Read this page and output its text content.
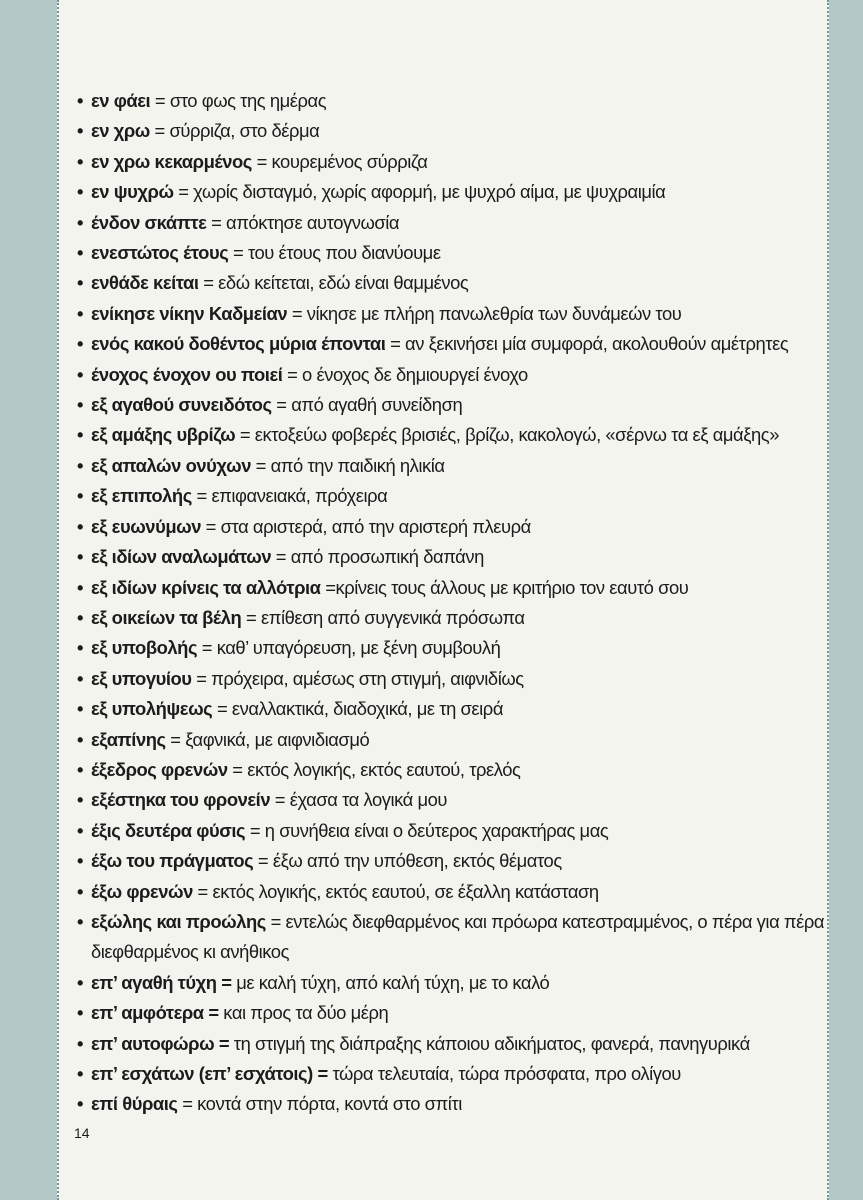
• εν φάει = στο φως της ημέρας
• εν χρω = σύρριζα, στο δέρμα
• εν χρω κεκαρμένος = κουρεμένος σύρριζα
• εν ψυχρώ = χωρίς δισταγμό, χωρίς αφορμή, με ψυχρό αίμα, με ψυχραιμία
• ένδον σκάπτε = απόκτησε αυτογνωσία
• ενεστώτος έτους = του έτους που διανύουμε
• ενθάδε κείται = εδώ κείτεται, εδώ είναι θαμμένος
• ενίκησε νίκην Καδμείαν = νίκησε με πλήρη πανωλεθρία των δυνάμεών του
• ενός κακού δοθέντος μύρια έπονται = αν ξεκινήσει μία συμφορά, ακολουθούν αμέτρητες
• ένοχος ένοχον ου ποιεί = ο ένοχος δε δημιουργεί ένοχο
• εξ αγαθού συνειδότος = από αγαθή συνείδηση
• εξ αμάξης υβρίζω = εκτοξεύω φοβερές βρισιές, βρίζω, κακολογώ, «σέρνω τα εξ αμάξης»
• εξ απαλών ονύχων = από την παιδική ηλικία
• εξ επιπολής = επιφανειακά, πρόχειρα
• εξ ευωνύμων = στα αριστερά, από την αριστερή πλευρά
• εξ ιδίων αναλωμάτων = από προσωπική δαπάνη
• εξ ιδίων κρίνεις τα αλλότρια =κρίνεις τους άλλους με κριτήριο τον εαυτό σου
• εξ οικείων τα βέλη = επίθεση από συγγενικά πρόσωπα
• εξ υποβολής = καθ’ υπαγόρευση, με ξένη συμβουλή
• εξ υπογυίου = πρόχειρα, αμέσως στη στιγμή, αιφνιδίως
• εξ υπολήψεως = εναλλακτικά, διαδοχικά, με τη σειρά
• εξαπίνης = ξαφνικά, με αιφνιδιασμό
• έξεδρος φρενών = εκτός λογικής, εκτός εαυτού, τρελός
• εξέστηκα του φρονείν = έχασα τα λογικά μου
• έξις δευτέρα φύσις = η συνήθεια είναι ο δεύτερος χαρακτήρας μας
• έξω του πράγματος = έξω από την υπόθεση, εκτός θέματος
• έξω φρενών = εκτός λογικής, εκτός εαυτού, σε έξαλλη κατάσταση
• εξώλης και προώλης = εντελώς διεφθαρμένος και πρόωρα κατεστραμμένος, ο πέρα για πέρα διεφθαρμένος κι ανήθικος
• επ’ αγαθή τύχη = με καλή τύχη, από καλή τύχη, με το καλό
• επ’ αμφότερα = και προς τα δύο μέρη
• επ’ αυτοφώρω = τη στιγμή της διάπραξης κάποιου αδικήματος, φανερά, πανηγυρικά
• επ’ εσχάτων (επ’ εσχάτοις) = τώρα τελευταία, τώρα πρόσφατα, προ ολίγου
• επί θύραις = κοντά στην πόρτα, κοντά στο σπίτι
14
